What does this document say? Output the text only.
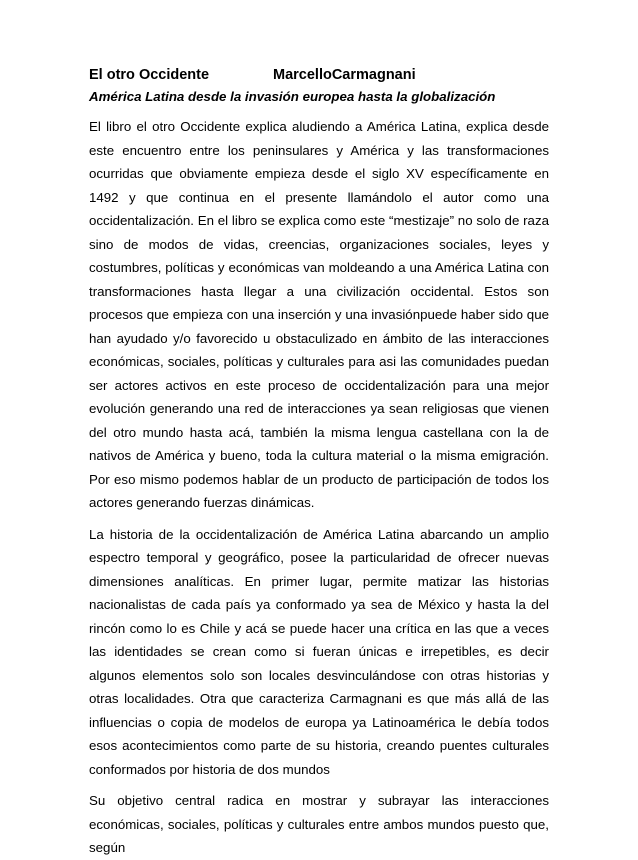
El otro Occidente	MarcelloCarmagnani
América Latina desde la invasión europea hasta la globalización

El libro el otro Occidente explica aludiendo a América Latina, explica desde este encuentro entre los peninsulares y América y las transformaciones ocurridas que obviamente empieza desde el siglo XV específicamente en 1492 y que continua en el presente llamándolo el autor como una occidentalización. En el libro se explica como este “mestizaje” no solo de raza sino de modos de vidas, creencias, organizaciones sociales, leyes y costumbres, políticas y económicas van moldeando a una América Latina con transformaciones hasta llegar a una civilización occidental. Estos son procesos que empieza con una inserción y una invasiónpuede haber sido que han ayudado y/o favorecido u obstaculizado en ámbito de las interacciones económicas, sociales, políticas y culturales para asi las comunidades puedan ser actores activos en este proceso de occidentalización para una mejor evolución generando una red de interacciones ya sean religiosas que vienen del otro mundo hasta acá, también la misma lengua castellana con la de nativos de América y bueno, toda la cultura material o la misma emigración. Por eso mismo podemos hablar de un producto de participación de todos los actores generando fuerzas dinámicas.

La historia de la occidentalización de América Latina abarcando un amplio espectro temporal y geográfico, posee la particularidad de ofrecer nuevas dimensiones analíticas. En primer lugar, permite matizar las historias nacionalistas de cada país ya conformado ya sea de México y hasta la del rincón como lo es Chile y acá se puede hacer una crítica en las que a veces las identidades se crean como si fueran únicas e irrepetibles, es decir algunos elementos solo son locales desvinculándose con otras historias y otras localidades. Otra que caracteriza Carmagnani es que más allá de las influencias o copia de modelos de europa ya Latinoamérica le debía todos esos acontecimientos como parte de su historia, creando puentes culturales conformados por historia de dos mundos

Su objetivo central radica en mostrar y subrayar las interacciones económicas, sociales, políticas y culturales entre ambos mundos puesto que, según
